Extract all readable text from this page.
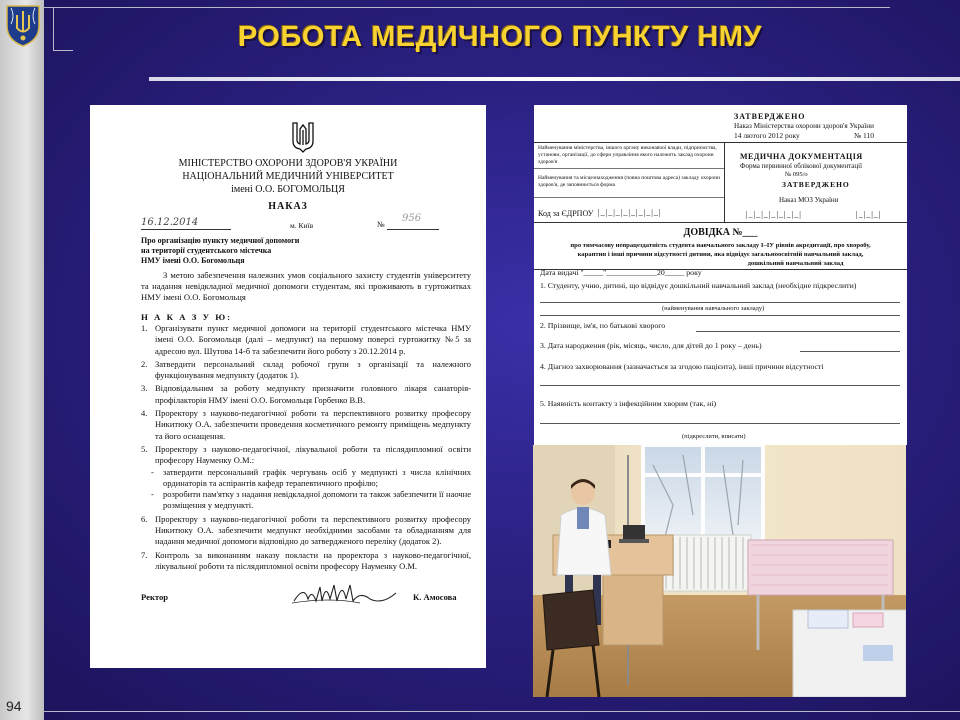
94
РОБОТА МЕДИЧНОГО ПУНКТУ НМУ
МІНІСТЕРСТВО ОХОРОНИ ЗДОРОВ'Я УКРАЇНИ
НАЦІОНАЛЬНИЙ МЕДИЧНИЙ УНІВЕРСИТЕТ
імені О.О. БОГОМОЛЬЦЯ
НАКАЗ
16.12.2014	м. Київ	№
956
Про організацію пункту медичної допомоги
на території студентського містечка
НМУ імені О.О. Богомольця
З метою забезпечення належних умов соціального захисту студентів університету та надання невідкладної медичної допомоги студентам, які проживають в гуртожитках НМУ імені О.О. Богомольця
Н А К А З У Ю:
1. Організувати пункт медичної допомоги на території студентського містечка НМУ імені О.О. Богомольця (далі – медпункт) на першому поверсі гуртожитку №5 за адресою вул. Шутова 14-б та забезпечити його роботу з 20.12.2014 р.
2. Затвердити персональний склад робочої групи з організації та належного функціонування медпункту (додаток 1).
3. Відповідальним за роботу медпункту призначити головного лікаря санаторія-профілакторія НМУ імені О.О. Богомольця Горбенко В.В.
4. Проректору з науково-педагогічної роботи та перспективного розвитку професору Никитюку О.А. забезпечити проведення косметичного ремонту приміщень медпункту та його оснащення.
5. Проректору з науково-педагогічної, лікувальної роботи та післядипломної освіти професору Науменку О.М.:
-	затвердити персональний графік чергувань осіб у медпункті з числа клінічних ординаторів та аспірантів кафедр терапевтичного профілю;
-	розробити пам'ятку з надання невідкладної допомоги та також забезпечити її наочне розміщення у медпункті.
6. Проректору з науково-педагогічної роботи та перспективного розвитку професору Никитюку О.А. забезпечити медпункт необхідними засобами та обладнанням для надання медичної допомоги відповідно до затвердженого переліку (додаток 2).
7. Контроль за виконанням наказу покласти на проректора з науково-педагогічної, лікувальної роботи та післядипломної освіти професору Науменку О.М.
Ректор	К. Амосова
ЗАТВЕРДЖЕНО
Наказ Міністерства охорони здоров'я України
14 лютого 2012 року	№ 110
Найменування міністерства, іншого органу виконавчої влади, підприємства, установи, організації, до сфери управління якого належить заклад охорони здоров'я
Найменування та місцезнаходження (повна поштова адреса) закладу охорони здоров'я, де заповнюється форма
Код за ЄДРПОУ |_|_|_|_|_|_|_|_|
МЕДИЧНА ДОКУМЕНТАЦІЯ
Форма первинної облікової документації
№ 095/о
ЗАТВЕРДЖЕНО
Наказ МОЗ України
|_|_|_|_|_|_|_|	|_|_|_|
ДОВІДКА №___
про тимчасову непрацездатність студента навчального закладу І–ІУ рівнів акредитації, про хворобу,
карантин і інші причини відсутності дитини, яка відвідує загальноосвітній навчальний заклад,
дошкільний навчальний заклад
Дата видачі "_____"_____________20_____ року
1. Студенту, учню, дитині, що відвідує дошкільний навчальний заклад (необхідне підкреслити)
(найменування навчального закладу)
2. Прізвище, ім'я, по батькові хворого
3. Дата народження (рік, місяць, число, для дітей до 1 року – день)
4. Діагноз захворювання (зазначається за згодою пацієнта), інші причини відсутності
5. Наявність контакту з інфекційним хворим (так, ні)
(підкреслити, вписати)
